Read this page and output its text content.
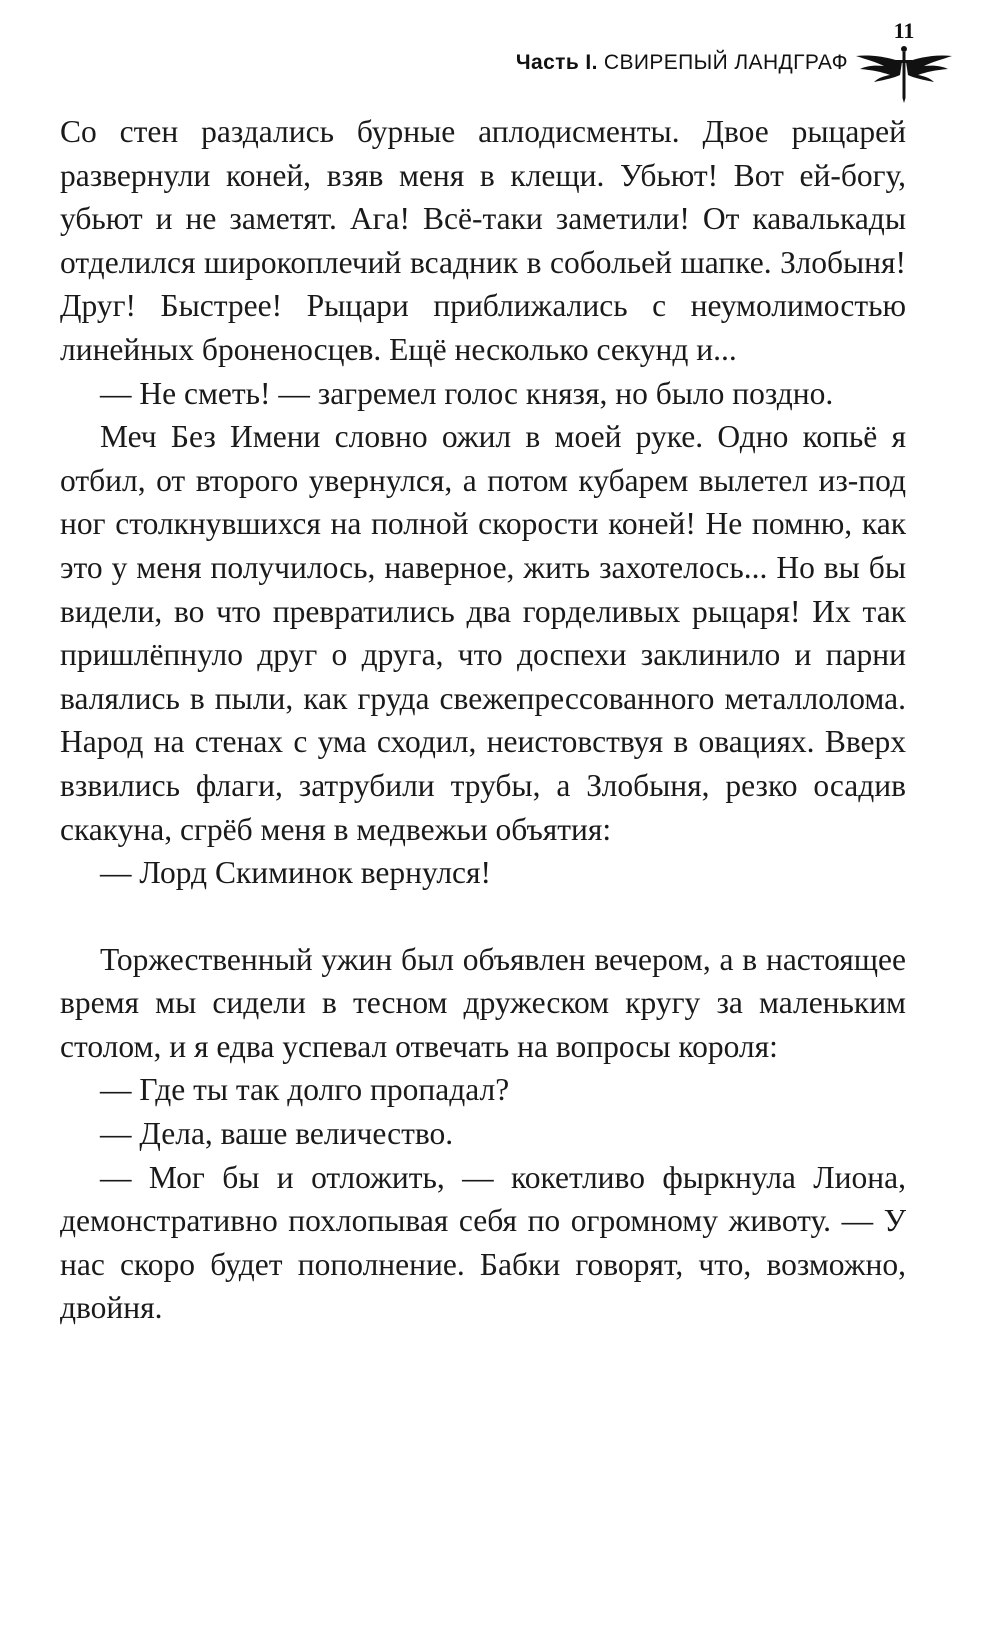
Часть I. СВИРЕПЫЙ ЛАНДГРАФ
11

Со стен раздались бурные аплодисменты. Двое рыцарей развернули коней, взяв меня в клещи. Убьют! Вот ей-богу, убьют и не заметят. Ага! Всё-таки заметили! От кавалькады отделился широкоплечий всадник в собольей шапке. Злобыня! Друг! Быстрее! Рыцари приближались с неумолимостью линейных броненосцев. Ещё несколько секунд и...

— Не сметь! — загремел голос князя, но было поздно.

Меч Без Имени словно ожил в моей руке. Одно копьё я отбил, от второго увернулся, а потом кубарем вылетел из-под ног столкнувшихся на полной скорости коней! Не помню, как это у меня получилось, наверное, жить захотелось... Но вы бы видели, во что превратились два горделивых рыцаря! Их так пришлёпнуло друг о друга, что доспехи заклинило и парни валялись в пыли, как груда свежепрессованного металлолома. Народ на стенах с ума сходил, неистовствуя в овациях. Вверх взвились флаги, затрубили трубы, а Злобыня, резко осадив скакуна, сгрёб меня в медвежьи объятия:

— Лорд Скиминок вернулся!

Торжественный ужин был объявлен вечером, а в настоящее время мы сидели в тесном дружеском кругу за маленьким столом, и я едва успевал отвечать на вопросы короля:

— Где ты так долго пропадал?

— Дела, ваше величество.

— Мог бы и отложить, — кокетливо фыркнула Лиона, демонстративно похлопывая себя по огромному животу. — У нас скоро будет пополнение. Бабки говорят, что, возможно, двойня.
